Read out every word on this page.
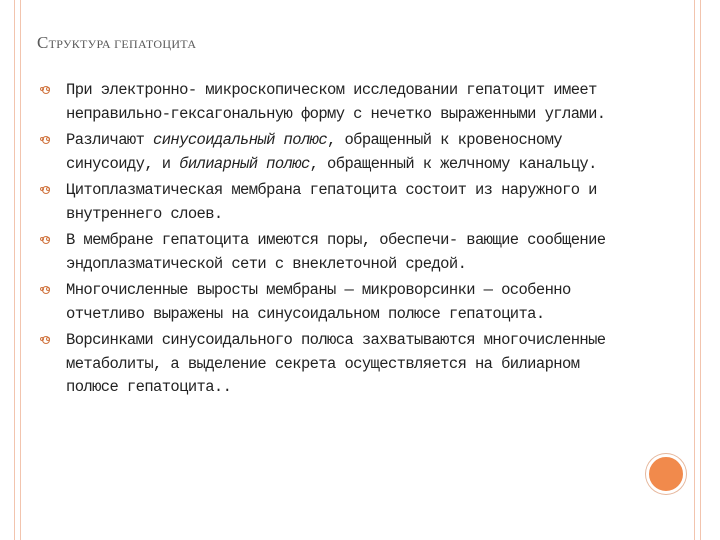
СТРУКТУРА ГЕПАТОЦИТА
При электронно- микроскопическом исследовании гепатоцит имеет неправильно-гексагональную форму с нечетко выраженными углами.
Различают синусоидальный полюс, обращенный к кровеносному синусоиду, и билиарный полюс, обращенный к желчному канальцу.
Цитоплазматическая мембрана гепатоцита состоит из наружного и внутреннего слоев.
В мембране гепатоцита имеются поры, обеспечи- вающие сообщение эндоплазматической сети с внеклеточной средой.
Многочисленные выросты мембраны — микроворсинки — особенно отчетливо выражены на синусоидальном полюсе гепатоцита.
Ворсинками синусоидального полюса захватываются многочисленные метаболиты, а выделение секрета осуществляется на билиарном полюсе гепатоцита..
